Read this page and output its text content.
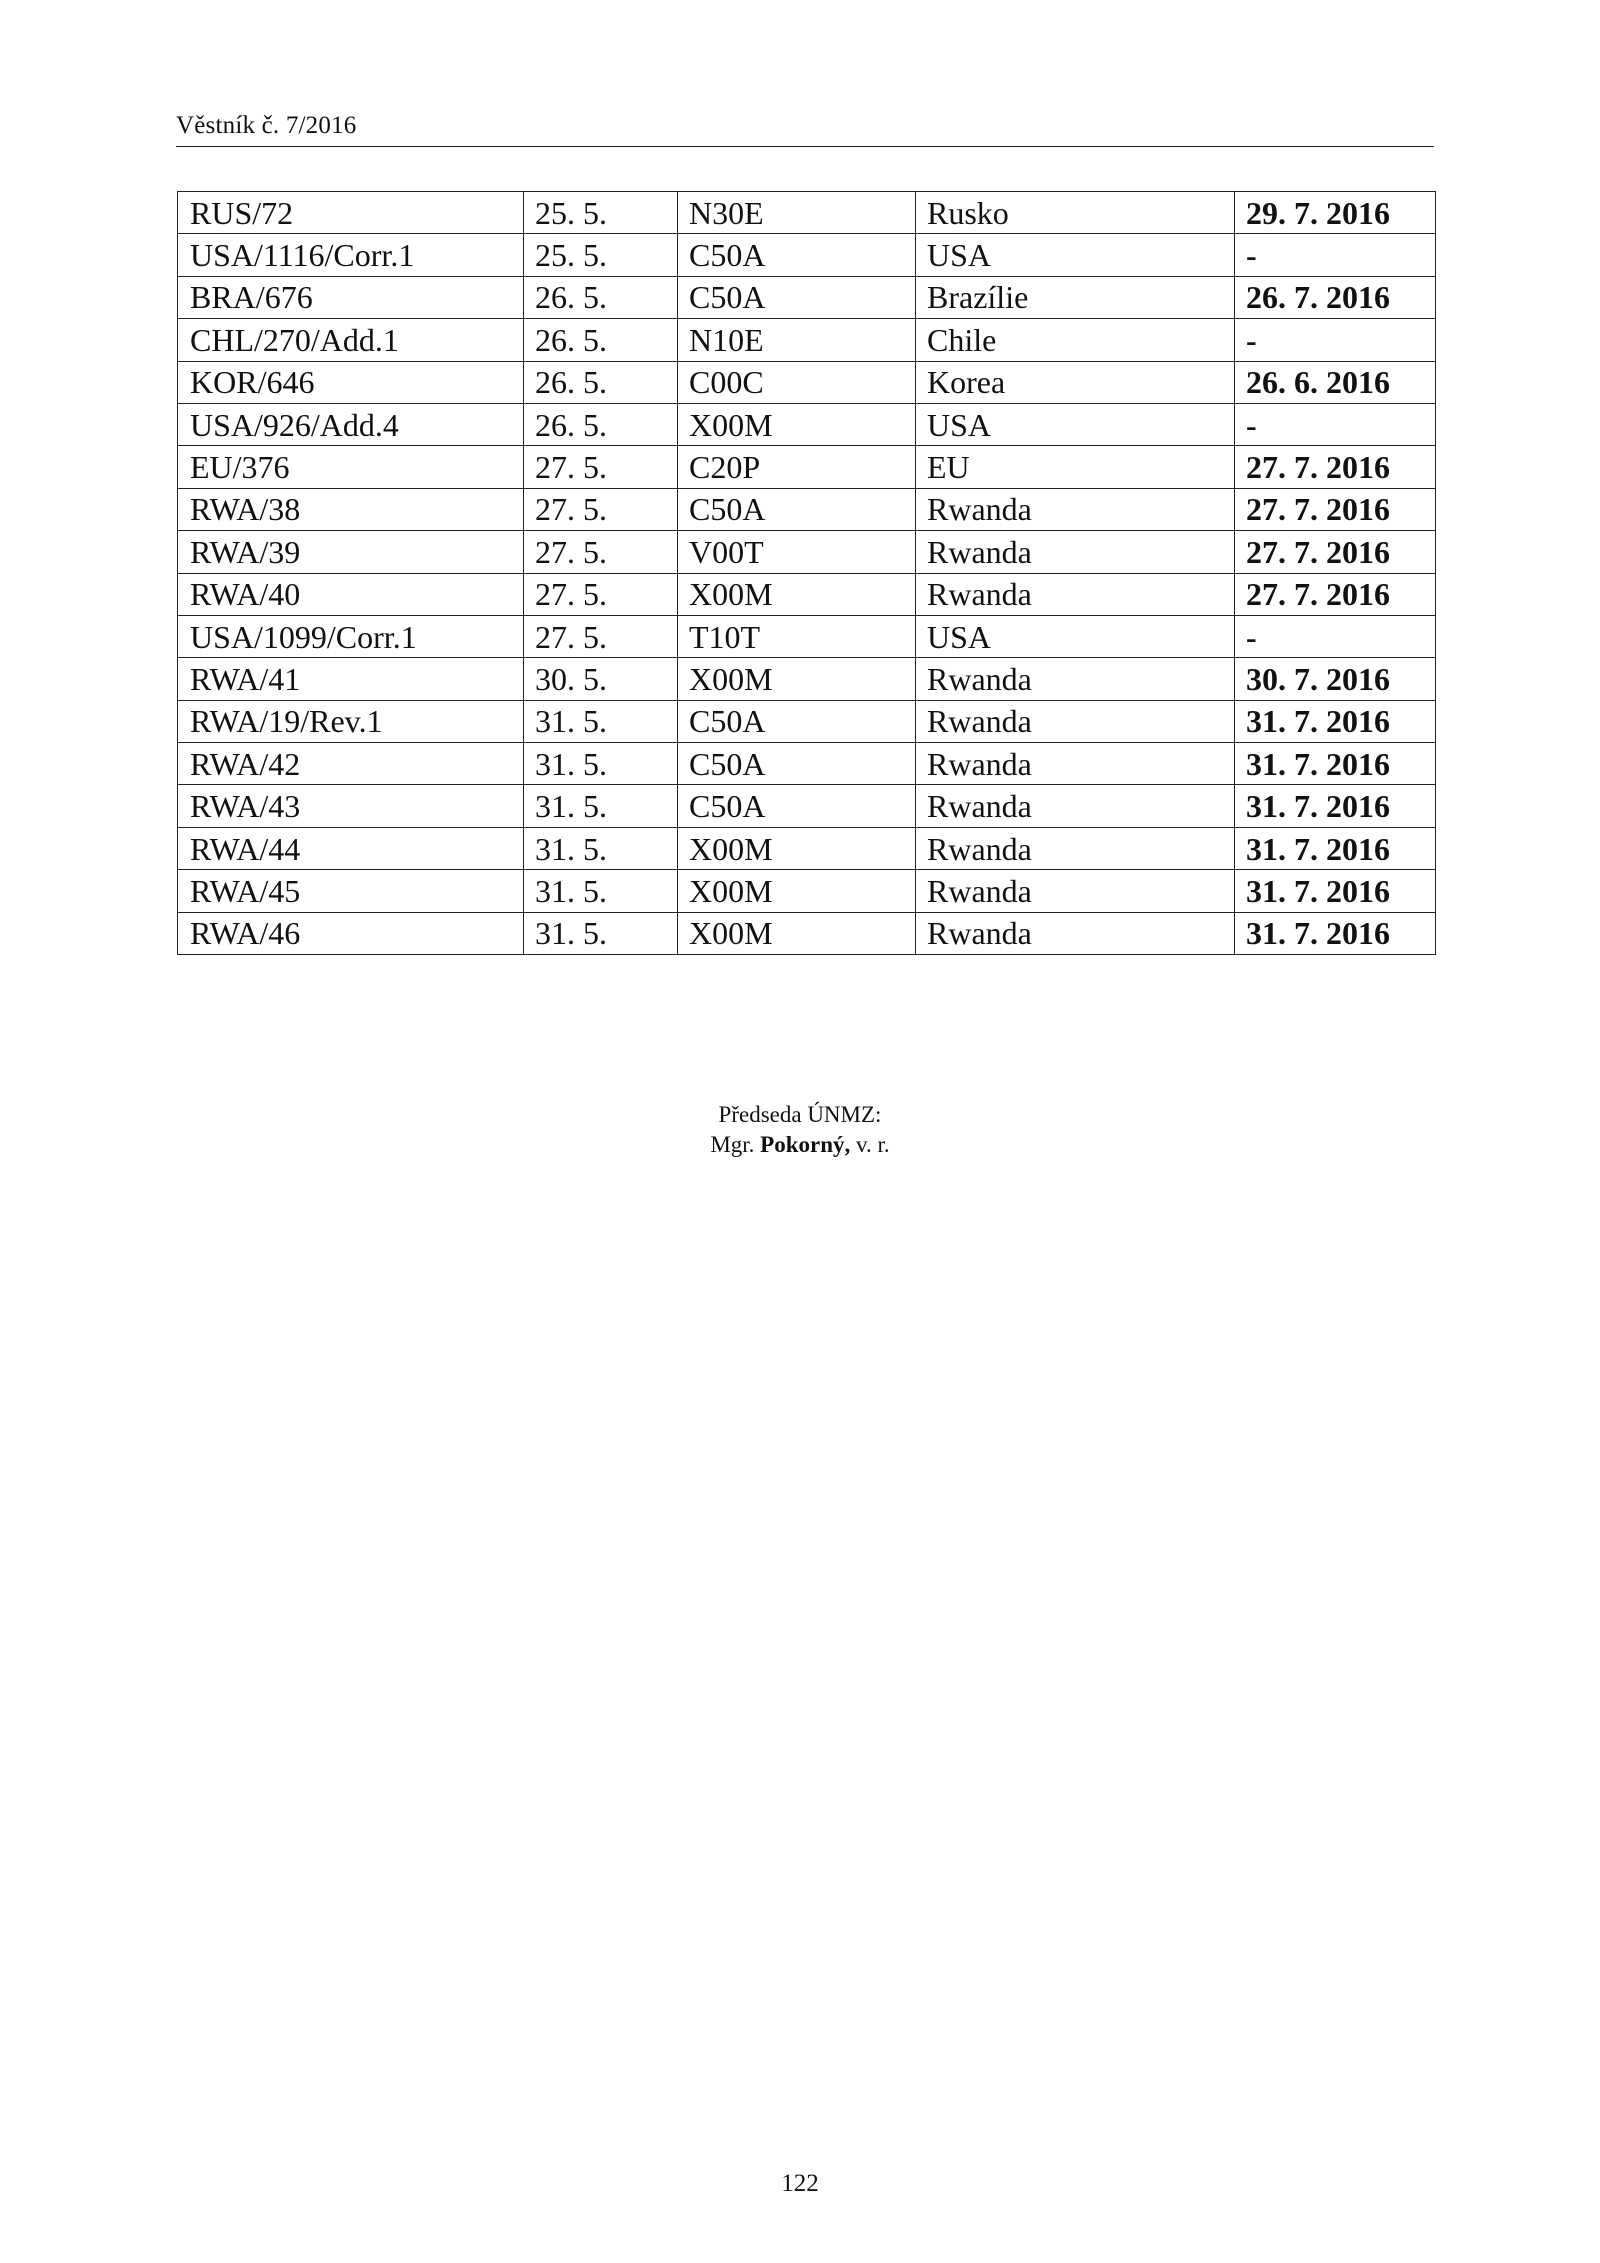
Věstník č. 7/2016
RUS/72	25. 5.	N30E	Rusko	29. 7. 2016
USA/1116/Corr.1	25. 5.	C50A	USA	-
BRA/676	26. 5.	C50A	Brazílie	26. 7. 2016
CHL/270/Add.1	26. 5.	N10E	Chile	-
KOR/646	26. 5.	C00C	Korea	26. 6. 2016
USA/926/Add.4	26. 5.	X00M	USA	-
EU/376	27. 5.	C20P	EU	27. 7. 2016
RWA/38	27. 5.	C50A	Rwanda	27. 7. 2016
RWA/39	27. 5.	V00T	Rwanda	27. 7. 2016
RWA/40	27. 5.	X00M	Rwanda	27. 7. 2016
USA/1099/Corr.1	27. 5.	T10T	USA	-
RWA/41	30. 5.	X00M	Rwanda	30. 7. 2016
RWA/19/Rev.1	31. 5.	C50A	Rwanda	31. 7. 2016
RWA/42	31. 5.	C50A	Rwanda	31. 7. 2016
RWA/43	31. 5.	C50A	Rwanda	31. 7. 2016
RWA/44	31. 5.	X00M	Rwanda	31. 7. 2016
RWA/45	31. 5.	X00M	Rwanda	31. 7. 2016
RWA/46	31. 5.	X00M	Rwanda	31. 7. 2016
Předseda ÚNMZ:
Mgr. Pokorný, v. r.
122
